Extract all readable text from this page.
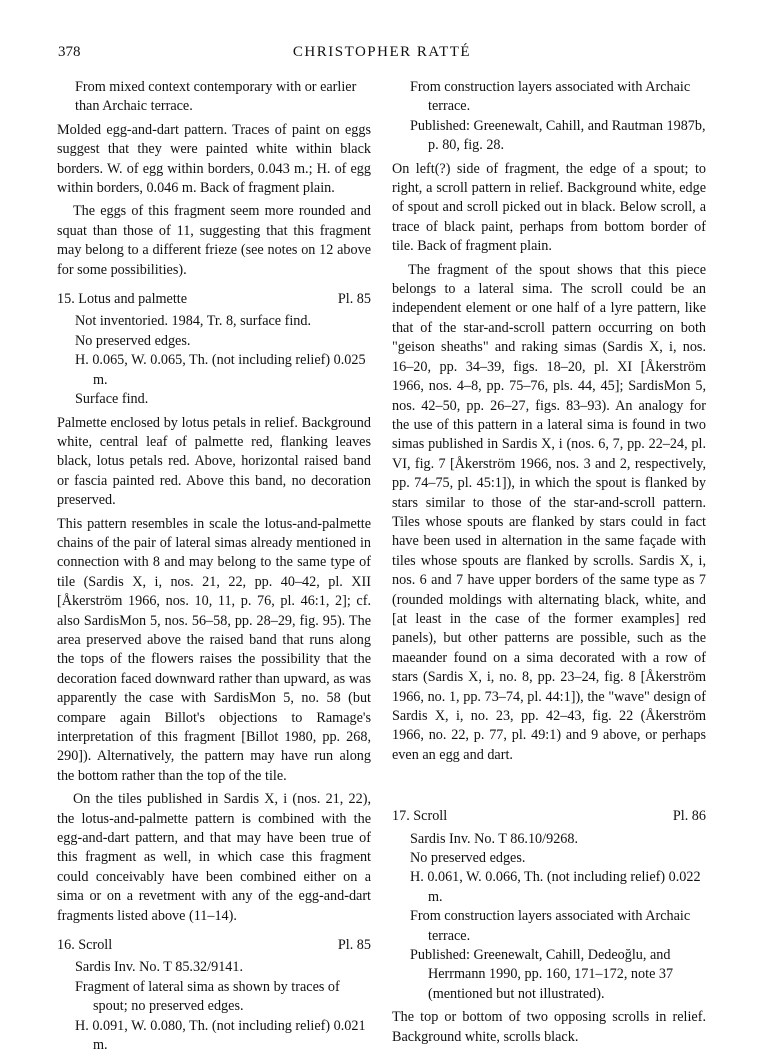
378	CHRISTOPHER RATTÉ
From mixed context contemporary with or earlier than Archaic terrace.

Molded egg-and-dart pattern. Traces of paint on eggs suggest that they were painted white within black borders. W. of egg within borders, 0.043 m.; H. of egg within borders, 0.046 m. Back of fragment plain.

The eggs of this fragment seem more rounded and squat than those of 11, suggesting that this fragment may belong to a different frieze (see notes on 12 above for some possibilities).

15. Lotus and palmette	Pl. 85
Not inventoried. 1984, Tr. 8, surface find.
No preserved edges.
H. 0.065, W. 0.065, Th. (not including relief) 0.025 m.
Surface find.

Palmette enclosed by lotus petals in relief. Background white, central leaf of palmette red, flanking leaves black, lotus petals red. Above, horizontal raised band or fascia painted red. Above this band, no decoration preserved.

This pattern resembles in scale the lotus-and-palmette chains of the pair of lateral simas already mentioned in connection with 8 and may belong to the same type of tile (Sardis X, i, nos. 21, 22, pp. 40–42, pl. XII [Åkerström 1966, nos. 10, 11, p. 76, pl. 46:1, 2]; cf. also SardisMon 5, nos. 56–58, pp. 28–29, fig. 95). The area preserved above the raised band that runs along the tops of the flowers raises the possibility that the decoration faced downward rather than upward, as was apparently the case with SardisMon 5, no. 58 (but compare again Billot's objections to Ramage's interpretation of this fragment [Billot 1980, pp. 268, 290]). Alternatively, the pattern may have run along the bottom rather than the top of the tile.

On the tiles published in Sardis X, i (nos. 21, 22), the lotus-and-palmette pattern is combined with the egg-and-dart pattern, and that may have been true of this fragment as well, in which case this fragment could conceivably have been combined either on a sima or on a revetment with any of the egg-and-dart fragments listed above (11–14).

16. Scroll	Pl. 85
Sardis Inv. No. T 85.32/9141.
Fragment of lateral sima as shown by traces of spout; no preserved edges.
H. 0.091, W. 0.080, Th. (not including relief) 0.021 m.
From construction layers associated with Archaic terrace.
Published: Greenewalt, Cahill, and Rautman 1987b, p. 80, fig. 28.

On left(?) side of fragment, the edge of a spout; to right, a scroll pattern in relief. Background white, edge of spout and scroll picked out in black. Below scroll, a trace of black paint, perhaps from bottom border of tile. Back of fragment plain.

The fragment of the spout shows that this piece belongs to a lateral sima. The scroll could be an independent element or one half of a lyre pattern, like that of the star-and-scroll pattern occurring on both "geison sheaths" and raking simas (Sardis X, i, nos. 16–20, pp. 34–39, figs. 18–20, pl. XI [Åkerström 1966, nos. 4–8, pp. 75–76, pls. 44, 45]; SardisMon 5, nos. 42–50, pp. 26–27, figs. 83–93). An analogy for the use of this pattern in a lateral sima is found in two simas published in Sardis X, i (nos. 6, 7, pp. 22–24, pl. VI, fig. 7 [Åkerström 1966, nos. 3 and 2, respectively, pp. 74–75, pl. 45:1]), in which the spout is flanked by stars similar to those of the star-and-scroll pattern. Tiles whose spouts are flanked by stars could in fact have been used in alternation in the same façade with tiles whose spouts are flanked by scrolls. Sardis X, i, nos. 6 and 7 have upper borders of the same type as 7 (rounded moldings with alternating black, white, and [at least in the case of the former examples] red panels), but other patterns are possible, such as the maeander found on a sima decorated with a row of stars (Sardis X, i, no. 8, pp. 23–24, fig. 8 [Åkerström 1966, no. 1, pp. 73–74, pl. 44:1]), the "wave" design of Sardis X, i, no. 23, pp. 42–43, fig. 22 (Åkerström 1966, no. 22, p. 77, pl. 49:1) and 9 above, or perhaps even an egg and dart.

17. Scroll	Pl. 86
Sardis Inv. No. T 86.10/9268.
No preserved edges.
H. 0.061, W. 0.066, Th. (not including relief) 0.022 m.
From construction layers associated with Archaic terrace.
Published: Greenewalt, Cahill, Dedeoğlu, and Herrmann 1990, pp. 160, 171–172, note 37 (mentioned but not illustrated).

The top or bottom of two opposing scrolls in relief. Background white, scrolls black.
